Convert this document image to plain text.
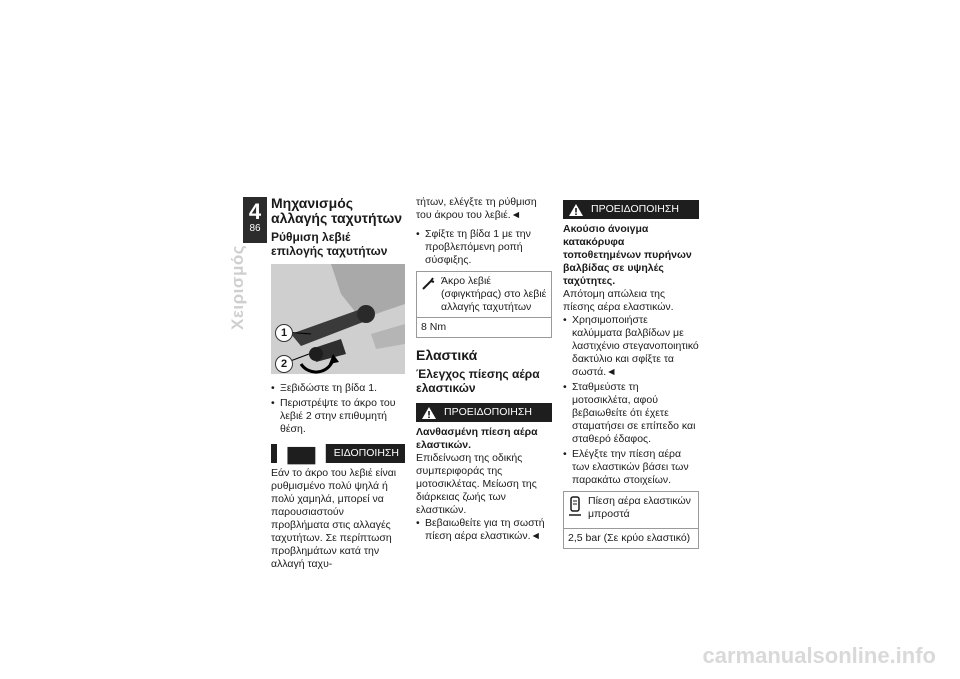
4
86
Χειρισμός
Μηχανισμός αλλαγής ταχυτήτων
Ρύθμιση λεβιέ επιλογής ταχυτήτων
1
2
• Ξεβιδώστε τη βίδα 1.
• Περιστρέψτε το άκρο του λεβιέ 2 στην επιθυμητή θέση.
ΕΙΔΟΠΟΙΗΣΗ

Εάν το άκρο του λεβιέ είναι ρυθμισμένο πολύ ψηλά ή πολύ χαμηλά, μπορεί να παρουσιαστούν προβλήματα στις αλλαγές ταχυτήτων. Σε περίπτωση προβλημάτων κατά την αλλαγή ταχυ-

τήτων, ελέγξτε τη ρύθμιση του άκρου του λεβιέ.◄

• Σφίξτε τη βίδα 1 με την προβλεπόμενη ροπή σύσφιξης.
Άκρο λεβιέ (σφιγκτήρας) στο λεβιέ αλλαγής ταχυτήτων
8 Nm
Ελαστικά
Έλεγχος πίεσης αέρα ελαστικών
ΠΡΟΕΙΔΟΠΟΙΗΣΗ

Λανθασμένη πίεση αέρα ελαστικών.

Επιδείνωση της οδικής συμπεριφοράς της μοτοσικλέτας. Μείωση της διάρκειας ζωής των ελαστικών.

• Βεβαιωθείτε για τη σωστή πίεση αέρα ελαστικών.◄
ΠΡΟΕΙΔΟΠΟΙΗΣΗ

Ακούσιο άνοιγμα κατακόρυφα τοποθετημένων πυρήνων βαλβίδας σε υψηλές ταχύτητες.

Απότομη απώλεια της πίεσης αέρα ελαστικών.

• Χρησιμοποιήστε καλύμματα βαλβίδων με λαστιχένιο στεγανοποιητικό δακτύλιο και σφίξτε τα σωστά.◄
• Σταθμεύστε τη μοτοσικλέτα, αφού βεβαιωθείτε ότι έχετε σταματήσει σε επίπεδο και σταθερό έδαφος.
• Ελέγξτε την πίεση αέρα των ελαστικών βάσει των παρακάτω στοιχείων.
Πίεση αέρα ελαστικών μπροστά
2,5 bar (Σε κρύο ελαστικό)
carmanualsonline.info
